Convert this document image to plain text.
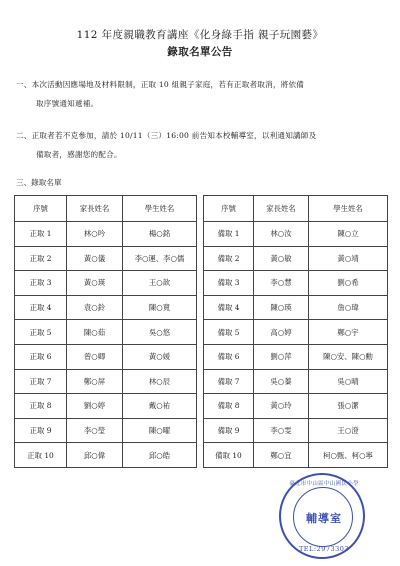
112 年度親職教育講座《化身綠手指 親子玩園藝》
錄取名單公告
一、本次活動因應場地及材料限制，正取 10 組親子家庭，若有正取者取消，將依備
取序號通知遞補。
二、正取者若不克參加，請於 10/11（三）16:00 前告知本校輔導室，以利通知講師及
備取者，感謝您的配合。
三、錄取名單
序號	家長姓名	學生姓名
正取 1	林○吟	楊○銘
正取 2	黃○儀	李○運、李○儒
正取 3	黃○瑛	王○歆
正取 4	袁○鈴	陳○寬
正取 5	陳○茹	吳○悠
正取 6	曾○卿	黃○媛
正取 7	鄭○屏	林○辰
正取 8	劉○婷	戴○祐
正取 9	李○瑩	陳○曜
正取 10	邱○偉	邱○皓
序號	家長姓名	學生姓名
備取 1	林○汝	陳○立
備取 2	黃○敏	黃○靖
備取 3	李○慧	劉○希
備取 4	陳○瑛	詹○瑋
備取 5	高○婷	鄭○宇
備取 6	劉○萍	陳○安、陳○勳
備取 7	吳○蓁	吳○晴
備取 8	黃○玲	張○潔
備取 9	李○雯	王○澄
備取 10	鄭○宜	柯○甄、柯○寧
臺北市中山區中山國民小學
輔導室
TEL:2973303
